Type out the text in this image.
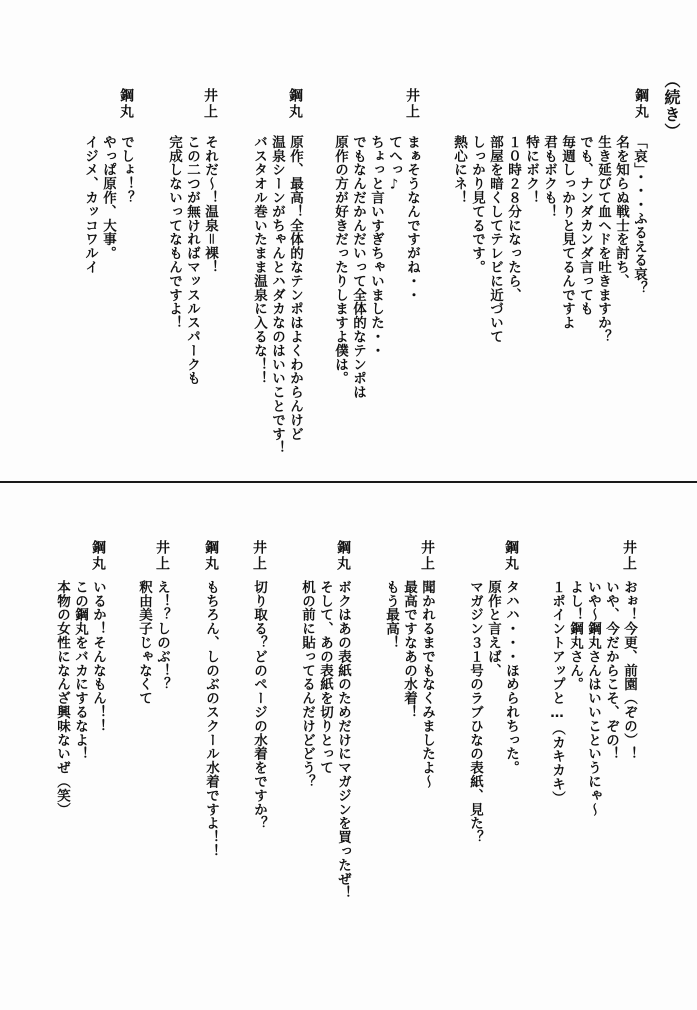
（続き）
鋼丸
「哀」・・・ふるえる哀？
名を知らぬ戦士を討ち、
生き延びて血ヘドを吐きますか？
でも、ナンダカンダ言っても
毎週しっかりと見てるんですよ
君もボクも！
特にボク！
１０時２８分になったら、
部屋を暗くしてテレビに近づいて
しっかり見てるです。
熱心にネ！
井上
まぁそうなんですがね・・
てへっ♪
ちょっと言いすぎちゃいました・・
でもなんだかんだいって全体的なテンポは
原作の方が好きだったりしますよ僕は。
鋼丸
原作、最高！全体的なテンポはよくわからんけど
温泉シーンがちゃんとハダカなのはいいことです！
バスタオル巻いたまま温泉に入るな！！
井上
それだ〜！温泉＝裸！
この二つが無ければマッスルスパークも
完成しないってなもんですよ！
鋼丸
でしょ！？
やっぱ原作、大事。
イジメ、カッコワルイ
井上
おぉ！今更、前園（ぞの）！
いや、今だからこそ、ぞの！
いや〜鋼丸さんはいいこというにゃ〜
よし！鋼丸さん。
１ポイントアップと…（カキカキ）
鋼丸
タハハ・・・ほめられちった。
原作と言えば、
マガジン３１号のラブひなの表紙、見た？
井上
聞かれるまでもなくみましたよ〜
最高ですなあの水着！
もう最高！
鋼丸
ボクはあの表紙のためだけにマガジンを買ったぜ！
そして、あの表紙を切りとって
机の前に貼ってるんだけどどう？
井上
切り取る？どのページの水着をですか？
鋼丸
もちろん、しのぶのスクール水着ですよ！！
井上
え！？しのぶ！？
釈由美子じゃなくて
鋼丸
いるか！そんなもん！！
この鋼丸をバカにするなよ！
本物の女性になんざ興味ないぜ（笑）
